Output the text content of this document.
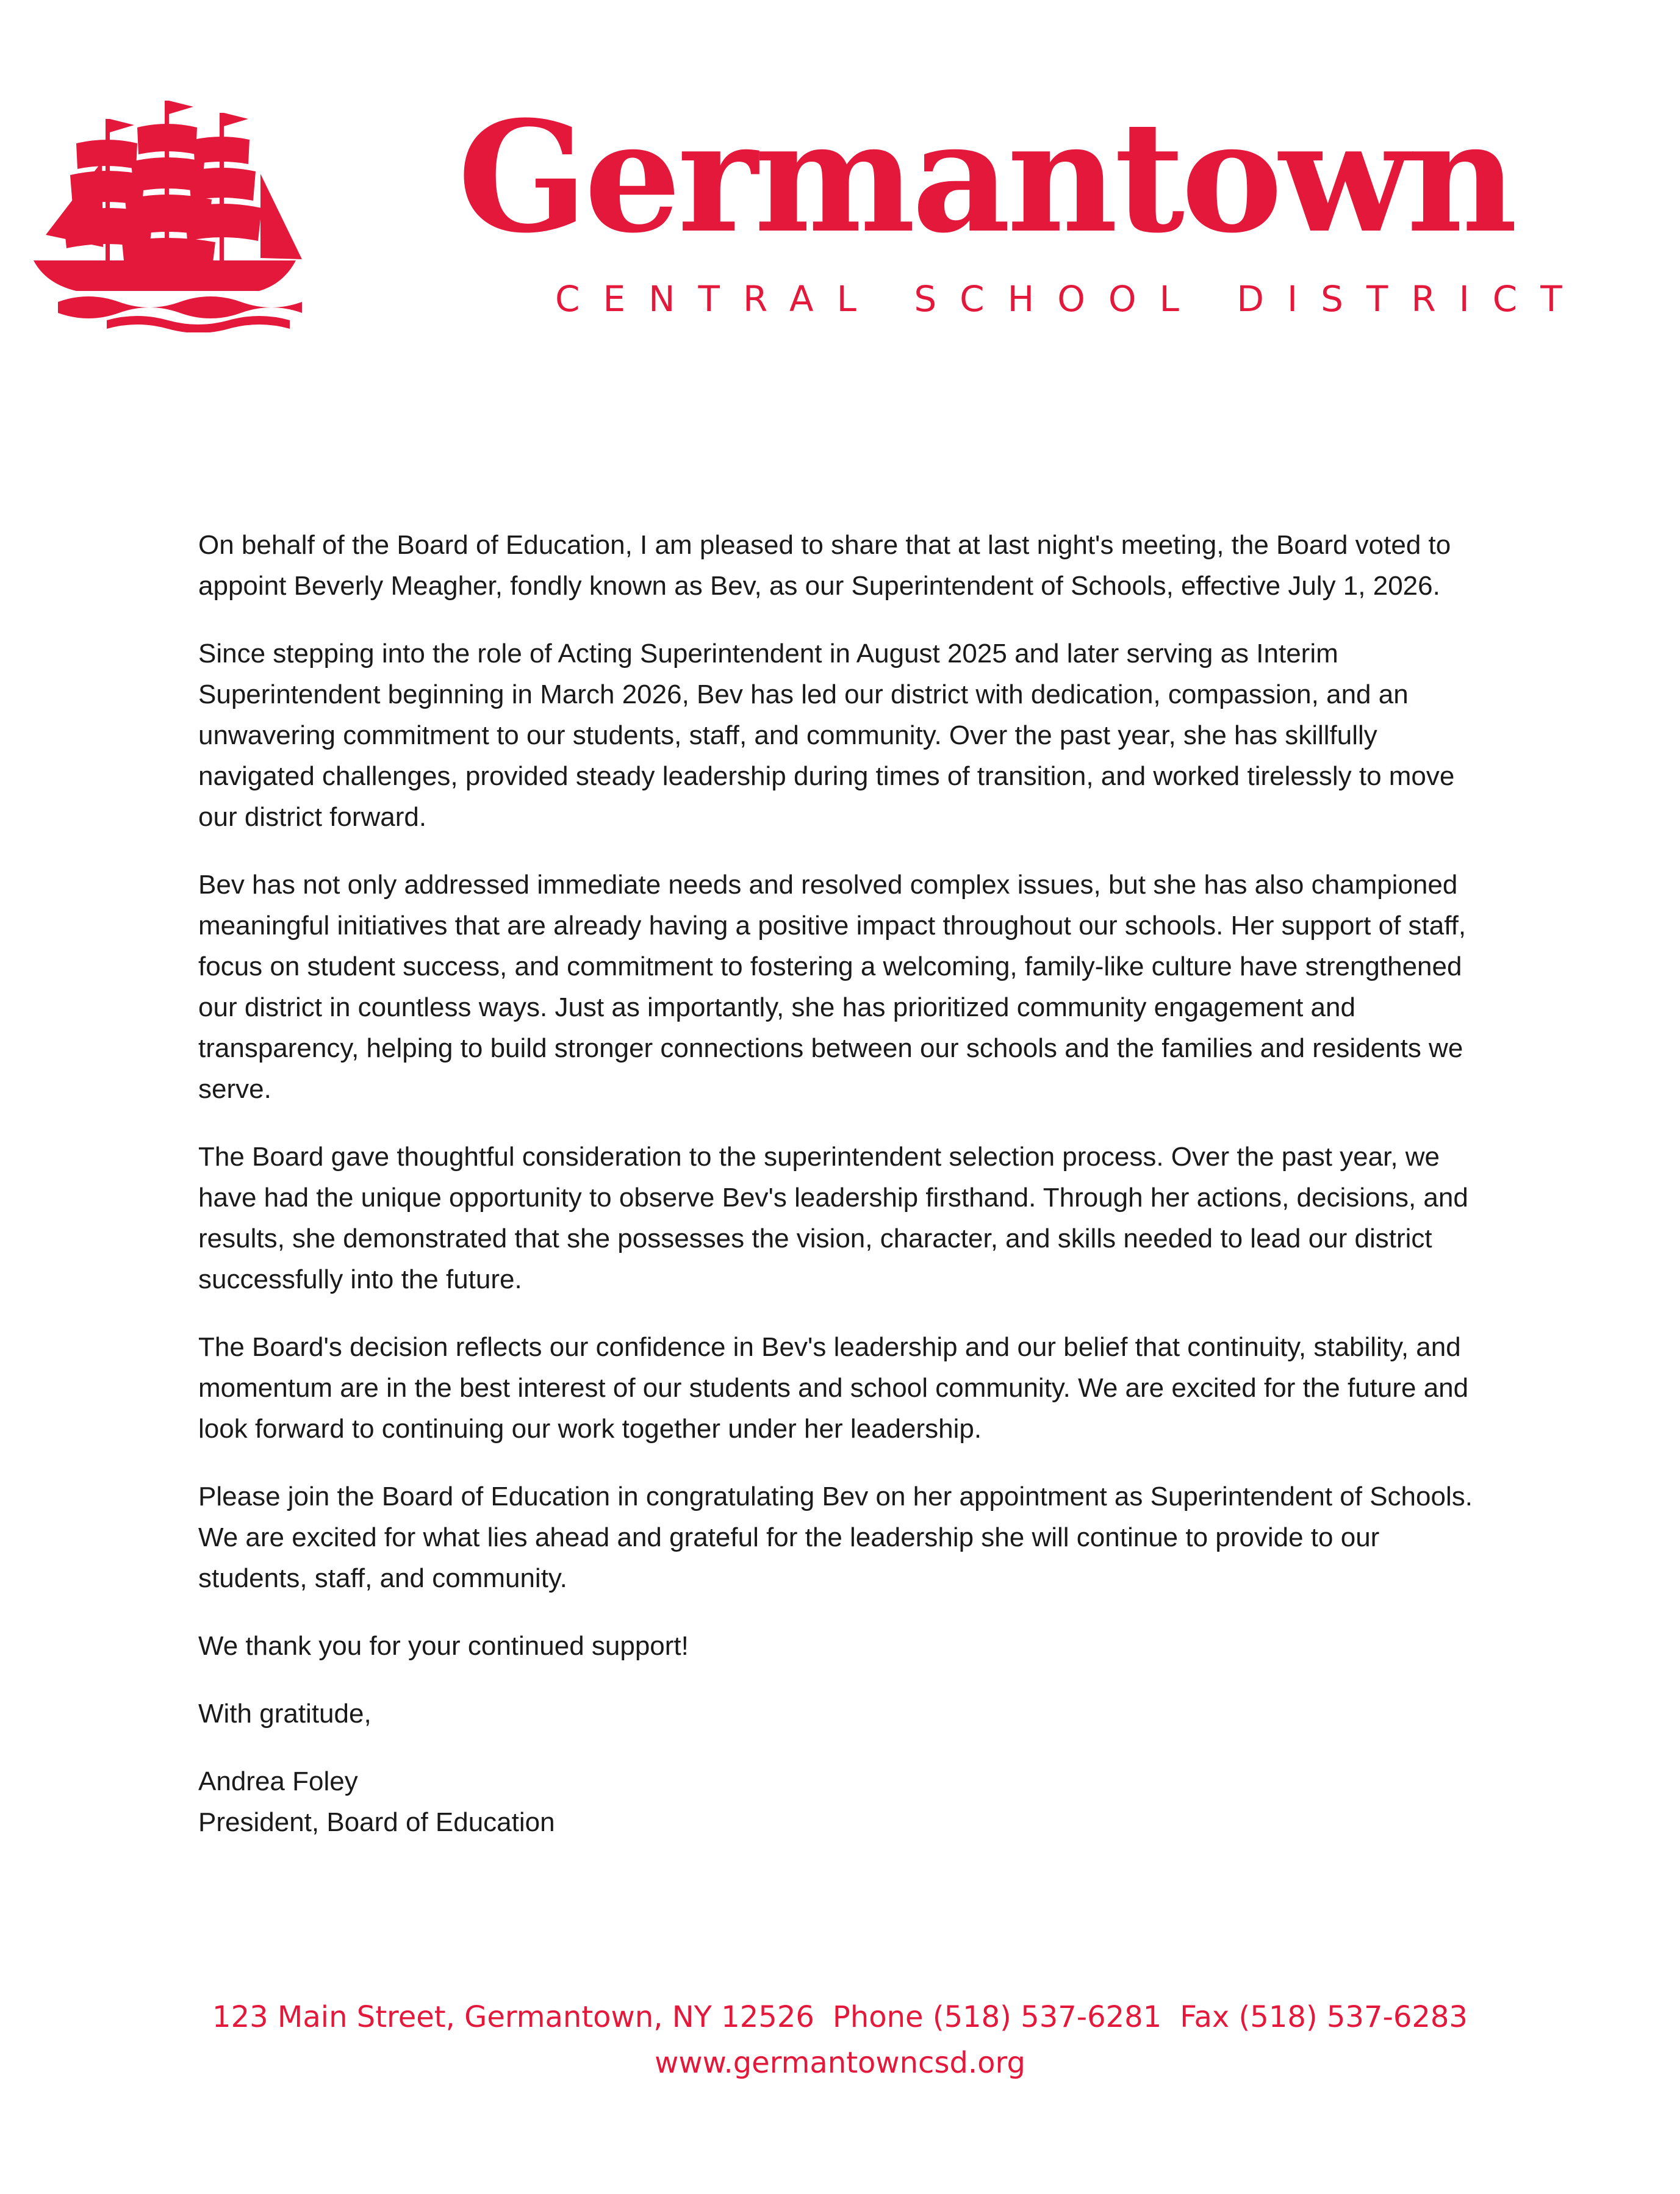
Germantown
CENTRAL SCHOOL DISTRICT

On behalf of the Board of Education, I am pleased to share that at last night's meeting, the Board voted to appoint Beverly Meagher, fondly known as Bev, as our Superintendent of Schools, effective July 1, 2026.

Since stepping into the role of Acting Superintendent in August 2025 and later serving as Interim Superintendent beginning in March 2026, Bev has led our district with dedication, compassion, and an unwavering commitment to our students, staff, and community. Over the past year, she has skillfully navigated challenges, provided steady leadership during times of transition, and worked tirelessly to move our district forward.

Bev has not only addressed immediate needs and resolved complex issues, but she has also championed meaningful initiatives that are already having a positive impact throughout our schools. Her support of staff, focus on student success, and commitment to fostering a welcoming, family-like culture have strengthened our district in countless ways. Just as importantly, she has prioritized community engagement and transparency, helping to build stronger connections between our schools and the families and residents we serve.

The Board gave thoughtful consideration to the superintendent selection process. Over the past year, we have had the unique opportunity to observe Bev's leadership firsthand. Through her actions, decisions, and results, she demonstrated that she possesses the vision, character, and skills needed to lead our district successfully into the future.

The Board's decision reflects our confidence in Bev's leadership and our belief that continuity, stability, and momentum are in the best interest of our students and school community. We are excited for the future and look forward to continuing our work together under her leadership.

Please join the Board of Education in congratulating Bev on her appointment as Superintendent of Schools. We are excited for what lies ahead and grateful for the leadership she will continue to provide to our students, staff, and community.

We thank you for your continued support!

With gratitude,

Andrea Foley

President, Board of Education

123 Main Street, Germantown, NY 12526 Phone (518) 537-6281 Fax (518) 537-6283
www.germantowncsd.org
